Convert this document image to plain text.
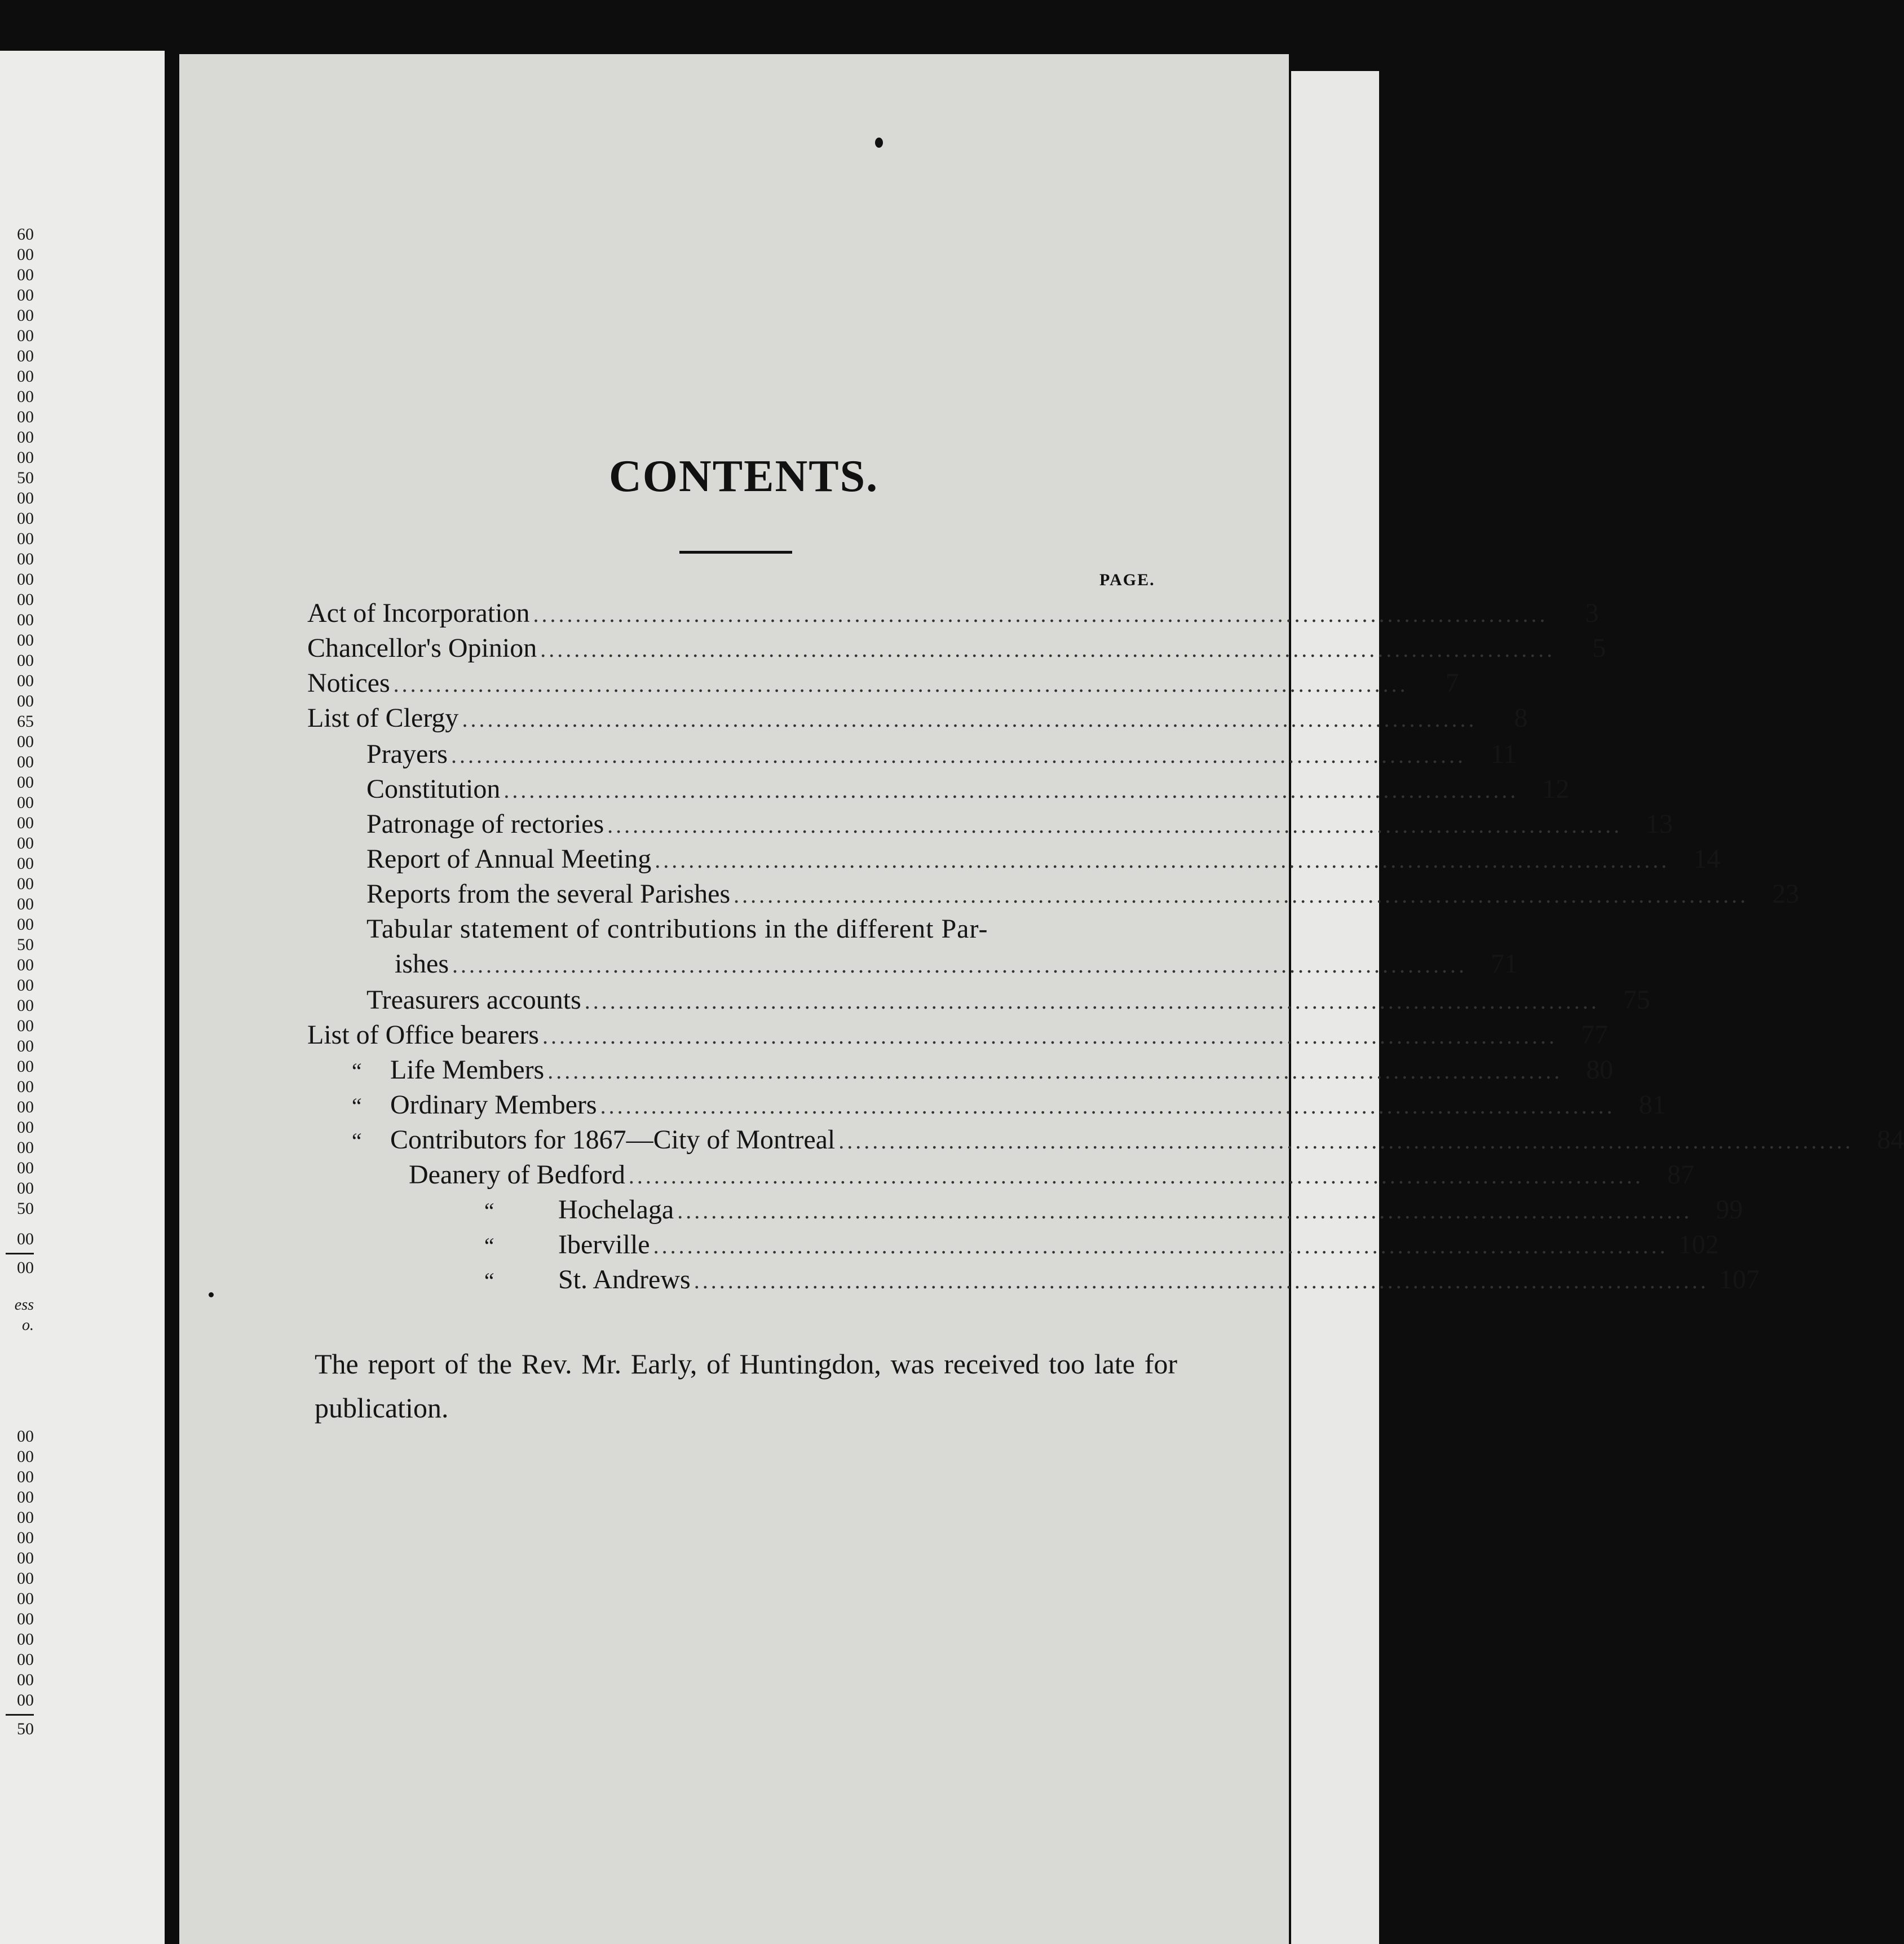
60
00
00
00
00
00
00
00
00
00
00
00
50
00
00
00
00
00
00
00
00
00
00
00
65
00
00
00
00
00
00
00
00
00
00
50
00
00
00
00
00
00
00
00
00
00
00
00
50
00
00
ess
o.
00
00
00
00
00
00
00
00
00
00
00
00
00
00
50
CONTENTS.
PAGE.
Act of Incorporation ........................................................................................................................	3
Chancellor's Opinion ........................................................................................................................	5
Notices ........................................................................................................................	7
List of Clergy ........................................................................................................................	8
Prayers ........................................................................................................................ 11
Constitution ........................................................................................................................ 12
Patronage of rectories ........................................................................................................................ 13
Report of Annual Meeting ........................................................................................................................ 14
Reports from the several Parishes ........................................................................................................................ 23
Tabular statement of contributions in the different Par-
ishes ........................................................................................................................ 71
Treasurers accounts ........................................................................................................................ 75
List of Office bearers ........................................................................................................................ 77
“	Life Members ........................................................................................................................ 80
“	Ordinary Members ........................................................................................................................ 81
“	Contributors for 1867—City of Montreal ........................................................................................................................ 84
Deanery of Bedford ........................................................................................................................ 87
“	Hochelaga ........................................................................................................................ 99
“	Iberville ........................................................................................................................ 102
“	St. Andrews ........................................................................................................................ 107
The report of the Rev. Mr. Early, of Huntingdon, was received too late for publication.
